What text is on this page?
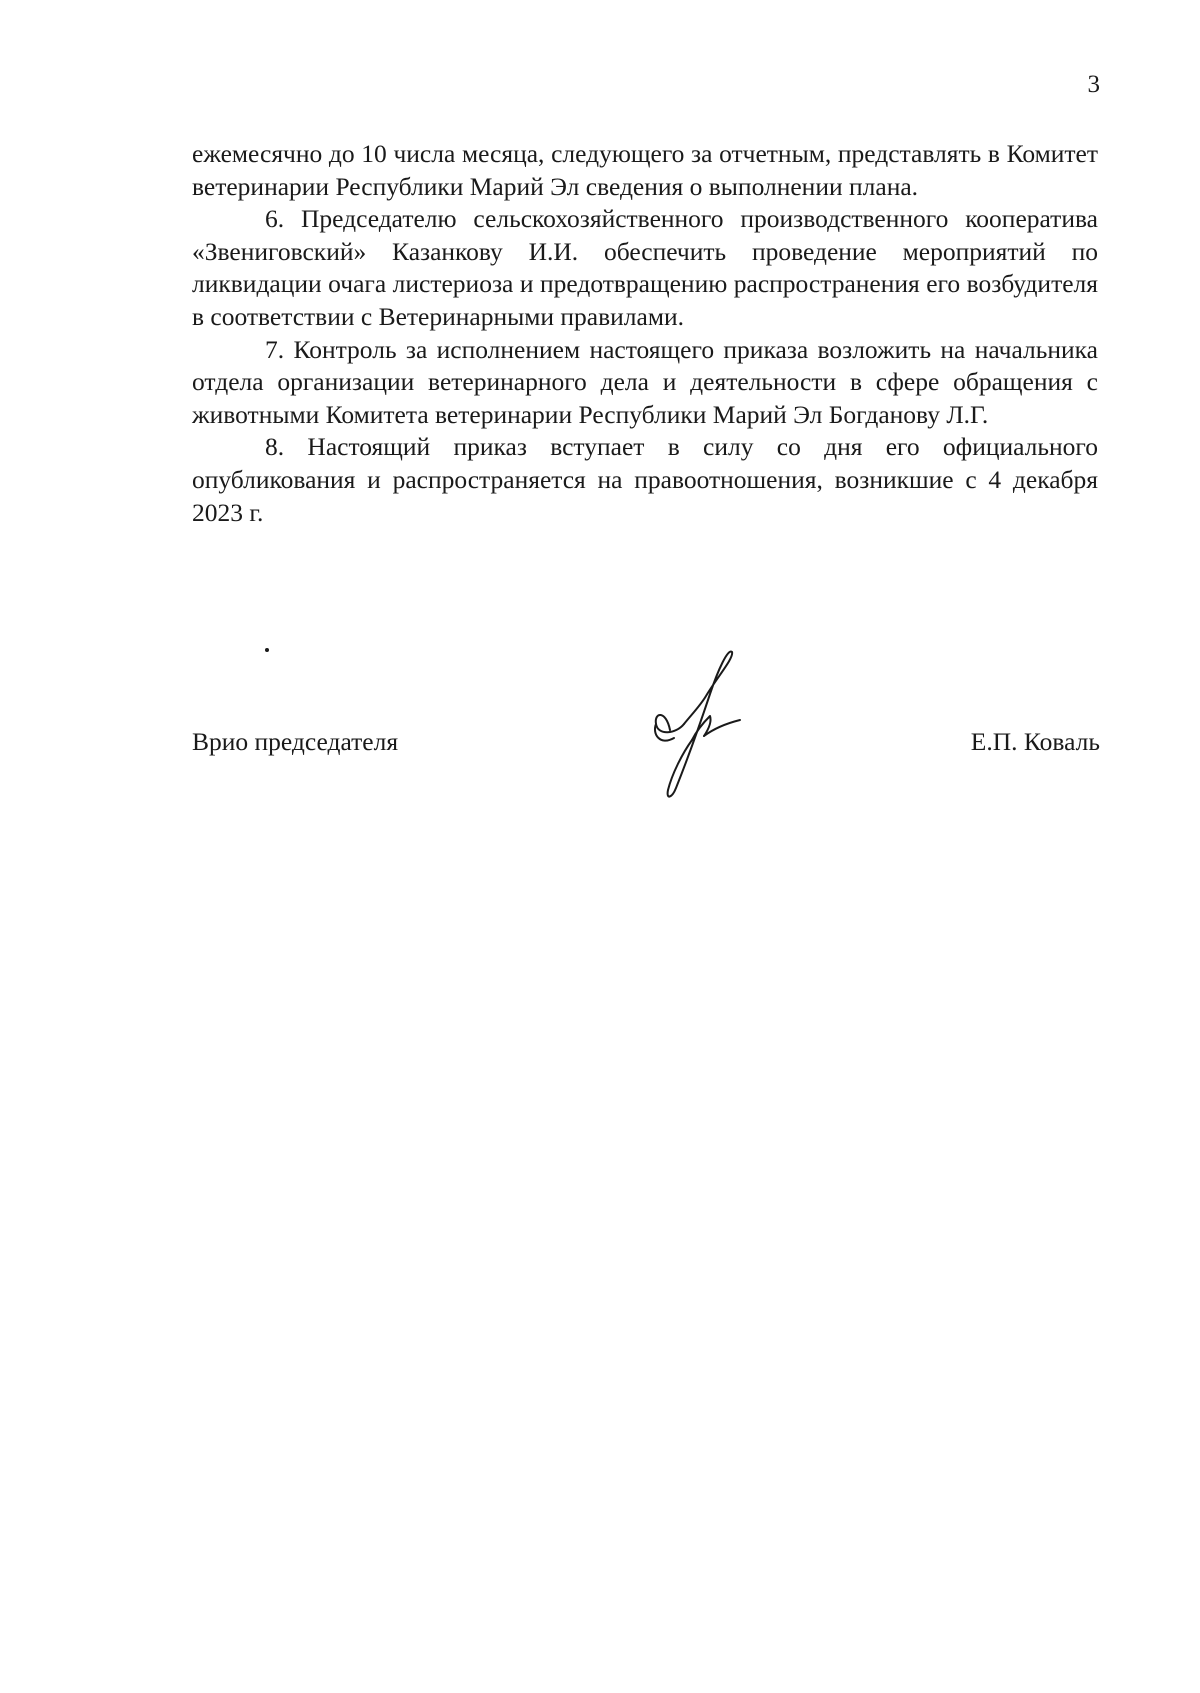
3

ежемесячно до 10 числа месяца, следующего за отчетным, представлять в Комитет ветеринарии Республики Марий Эл сведения о выполнении плана.

6. Председателю сельскохозяйственного производственного кооператива «Звениговский» Казанкову И.И. обеспечить проведение мероприятий по ликвидации очага листериоза и предотвращению распространения его возбудителя в соответствии с Ветеринарными правилами.

7. Контроль за исполнением настоящего приказа возложить на начальника отдела организации ветеринарного дела и деятельности в сфере обращения с животными Комитета ветеринарии Республики Марий Эл Богданову Л.Г.

8. Настоящий приказ вступает в силу со дня его официального опубликования и распространяется на правоотношения, возникшие с 4 декабря 2023 г.

Врио председателя	Е.П. Коваль
